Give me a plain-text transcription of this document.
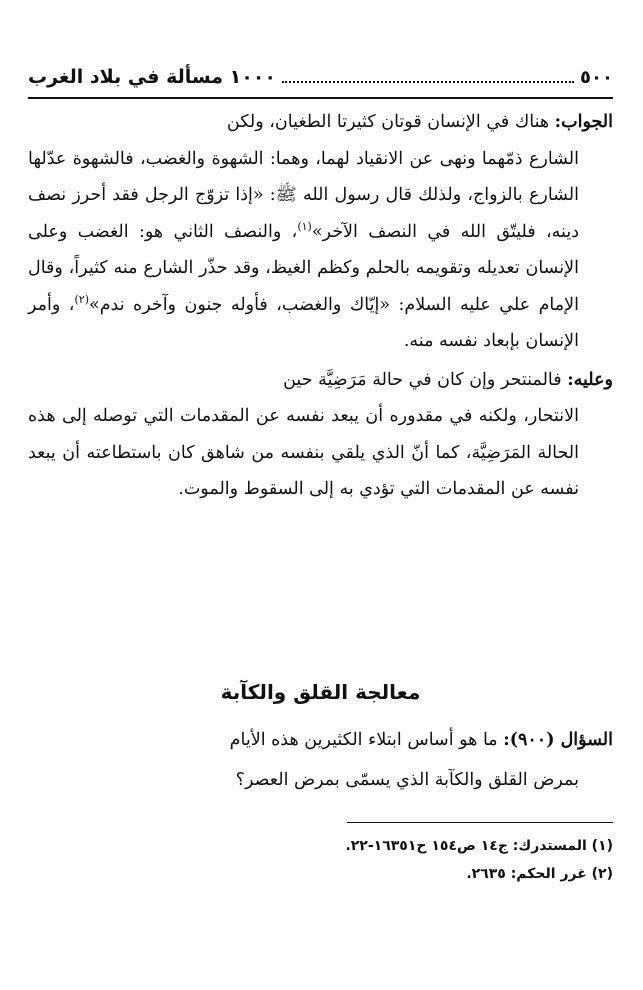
٥٠٠
١٠٠٠ مسألة في بلاد الغرب

الجواب: هناك في الإنسان قوتان كثيرتا الطغيان، ولكن

الشارع ذمّهما ونهى عن الانقياد لهما، وهما: الشهوة والغضب، فالشهوة عدّلها الشارع بالزواج، ولذلك قال رسول الله ﷺ: «إذا تزوّج الرجل فقد أحرز نصف دينه، فليتّق الله في النصف الآخر»$^{(١)}$، والنصف الثاني هو: الغضب وعلى الإنسان تعديله وتقويمه بالحلم وكظم الغيظ، وقد حذّر الشارع منه كثيراً، وقال الإمام علي عليه السلام: «إيّاك والغضب، فأوله جنون وآخره ندم»$^{(٢)}$، وأمر الإنسان بإبعاد نفسه منه.

وعليه: فالمنتحر وإن كان في حالة مَرَضِيَّة حين

الانتحار، ولكنه في مقدوره أن يبعد نفسه عن المقدمات التي توصله إلى هذه الحالة المَرَضِيَّة، كما أنّ الذي يلقي بنفسه من شاهق كان باستطاعته أن يبعد نفسه عن المقدمات التي تؤدي به إلى السقوط والموت.

معالجة القلق والكآبة

السؤال (٩٠٠): ما هو أساس ابتلاء الكثيرين هذه الأيام

بمرض القلق والكآبة الذي يسمّى بمرض العصر؟

(١) المستدرك: ج١٤ ص١٥٤ ح١٦٣٥١-٢٢.
(٢) غرر الحكم: ٢٦٣٥.
